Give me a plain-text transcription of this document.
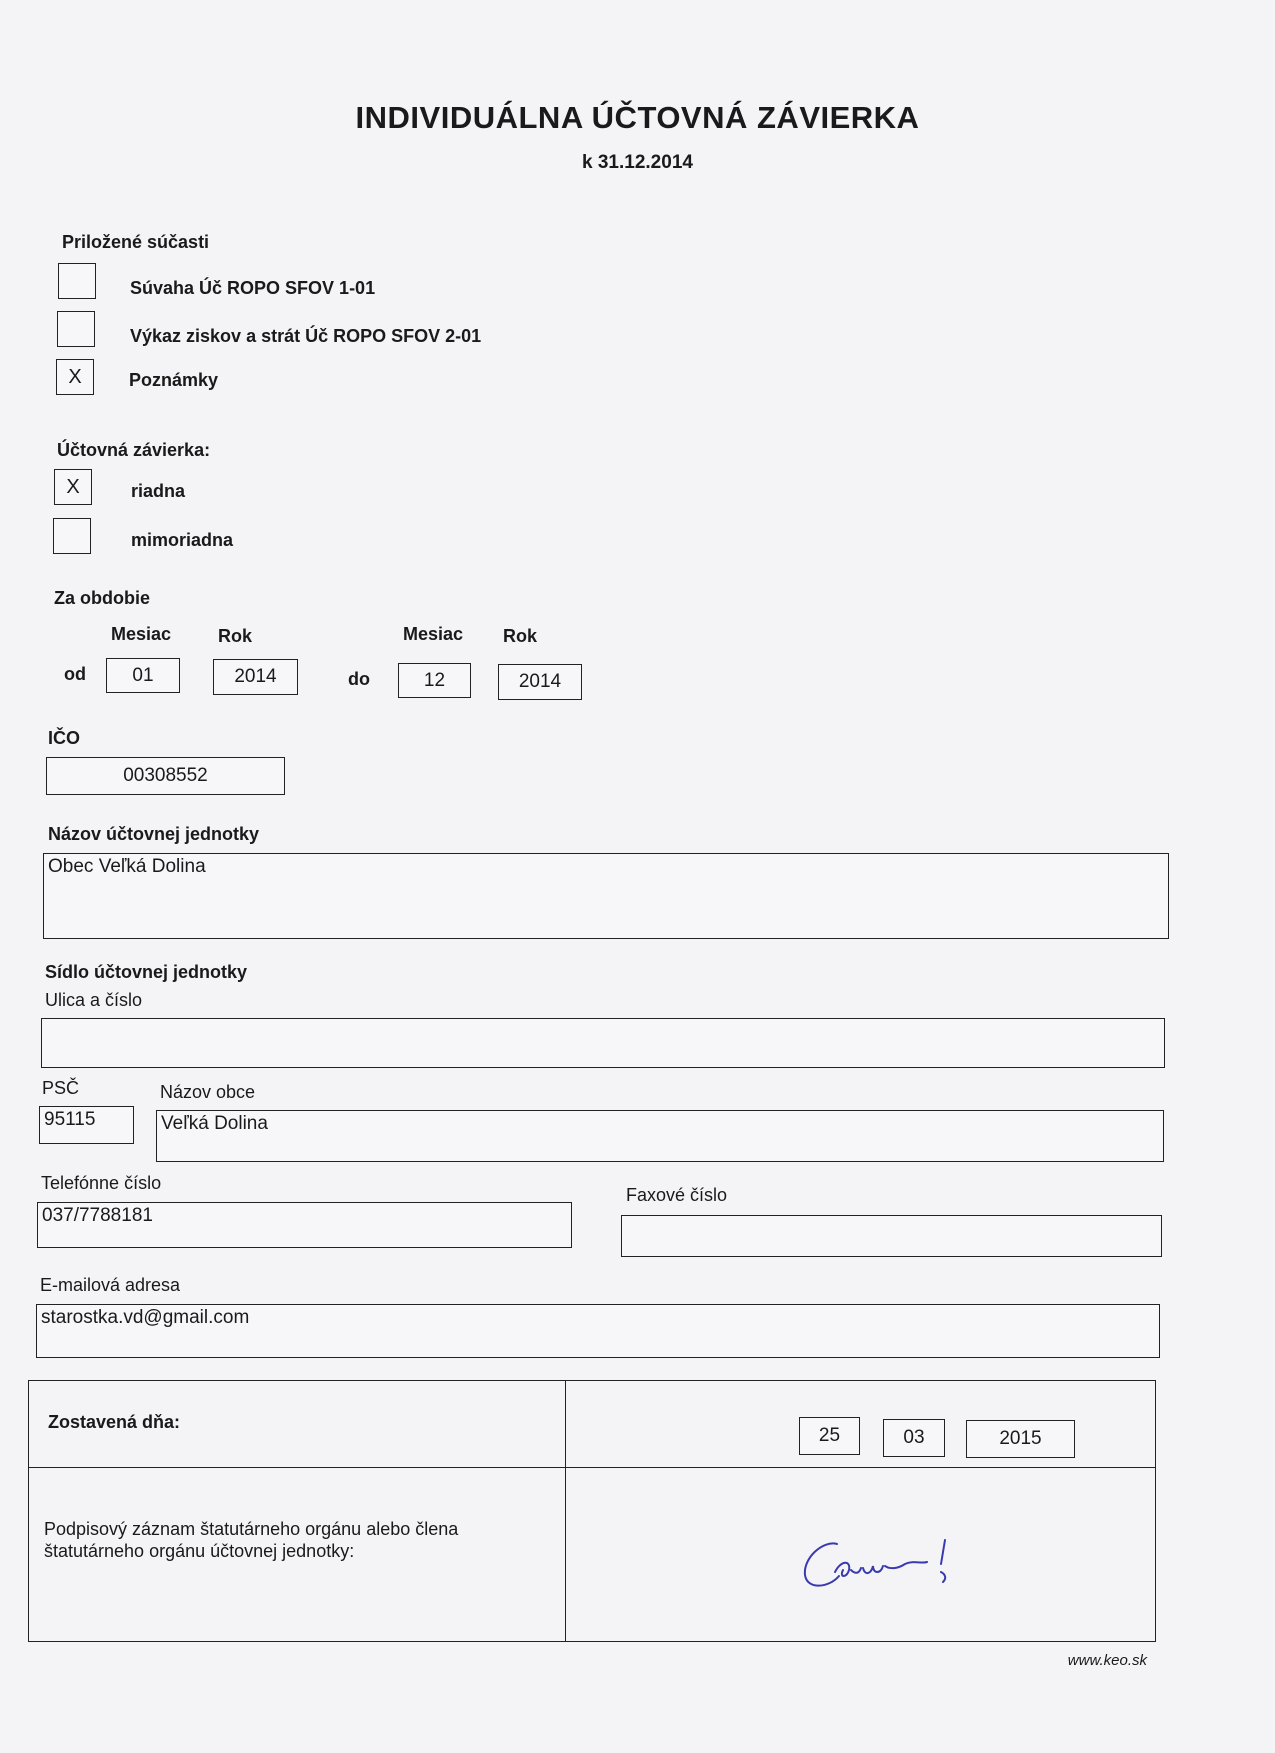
INDIVIDUÁLNA ÚČTOVNÁ ZÁVIERKA
k 31.12.2014
Priložené súčasti
Súvaha Úč ROPO SFOV 1-01
Výkaz ziskov a strát Úč ROPO SFOV 2-01
X	Poznámky
Účtovná závierka:
X	riadna
mimoriadna
Za obdobie
Mesiac	Rok	Mesiac Rok
od	01	2014	do	12	2014
IČO
00308552
Názov účtovnej jednotky
Obec Veľká Dolina
Sídlo účtovnej jednotky
Ulica a číslo
PSČ	Názov obce
95115	Veľká Dolina
Telefónne číslo
037/7788181
Faxové číslo
E-mailová adresa
starostka.vd@gmail.com
Zostavená dňa:
25	03	2015
Podpisový záznam štatutárneho orgánu alebo člena
štatutárneho orgánu účtovnej jednotky:
www.keo.sk
